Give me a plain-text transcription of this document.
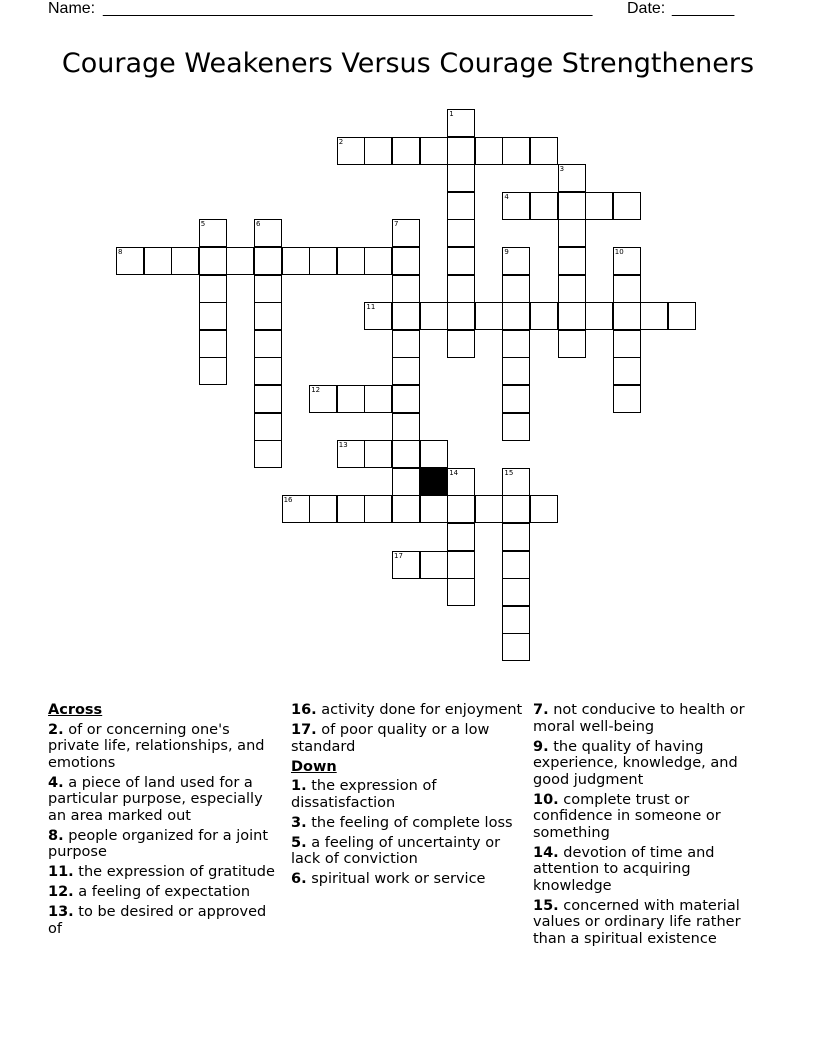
Name: _______________________________________________________ Date: _______
Courage Weakeners Versus Courage Strengtheners
1
2
3
4
5	6	7
8	9	10
11
12
13
14	15
16
17
Across
2. of or concerning one's private life, relationships, and emotions
4. a piece of land used for a particular purpose, especially an area marked out
8. people organized for a joint purpose
11. the expression of gratitude
12. a feeling of expectation
13. to be desired or approved of
16. activity done for enjoyment
17. of poor quality or a low standard
Down
1. the expression of dissatisfaction
3. the feeling of complete loss
5. a feeling of uncertainty or lack of conviction
6. spiritual work or service
7. not conducive to health or moral well-being
9. the quality of having experience, knowledge, and good judgment
10. complete trust or confidence in someone or something
14. devotion of time and attention to acquiring knowledge
15. concerned with material values or ordinary life rather than a spiritual existence
